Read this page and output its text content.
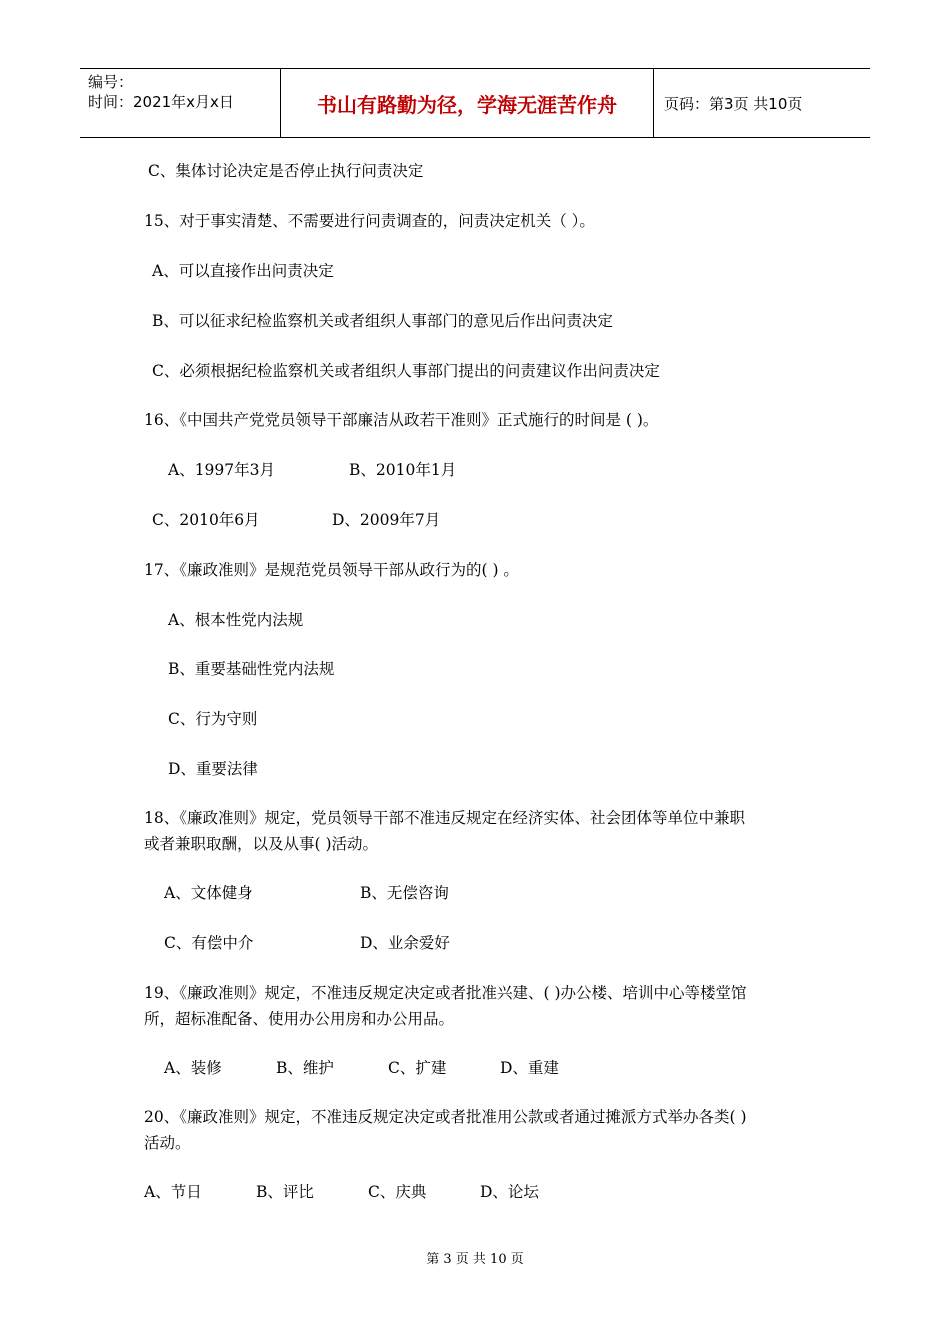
编号：
时间：2021年x月x日	书山有路勤为径，学海无涯苦作舟	页码：第3页 共10页
C、集体讨论决定是否停止执行问责决定
15、对于事实清楚、不需要进行问责调查的，问责决定机关（ ）。
A、可以直接作出问责决定
B、可以征求纪检监察机关或者组织人事部门的意见后作出问责决定
C、必须根据纪检监察机关或者组织人事部门提出的问责建议作出问责决定
16、《中国共产党党员领导干部廉洁从政若干准则》正式施行的时间是 ( )。
A、1997年3月	B、2010年1月
C、2010年6月	D、2009年7月
17、《廉政准则》是规范党员领导干部从政行为的( ) 。
A、根本性党内法规
B、重要基础性党内法规
C、行为守则
D、重要法律
18、《廉政准则》规定，党员领导干部不准违反规定在经济实体、社会团体等单位中兼职
或者兼职取酬，以及从事( )活动。
A、文体健身	B、无偿咨询
C、有偿中介	D、业余爱好
19、《廉政准则》规定，不准违反规定决定或者批准兴建、( )办公楼、培训中心等楼堂馆
所，超标准配备、使用办公用房和办公用品。
A、装修	B、维护	C、扩建	D、重建
20、《廉政准则》规定，不准违反规定决定或者批准用公款或者通过摊派方式举办各类( )
活动。
A、节日	B、评比	C、庆典	D、论坛
第 3 页 共 10 页
